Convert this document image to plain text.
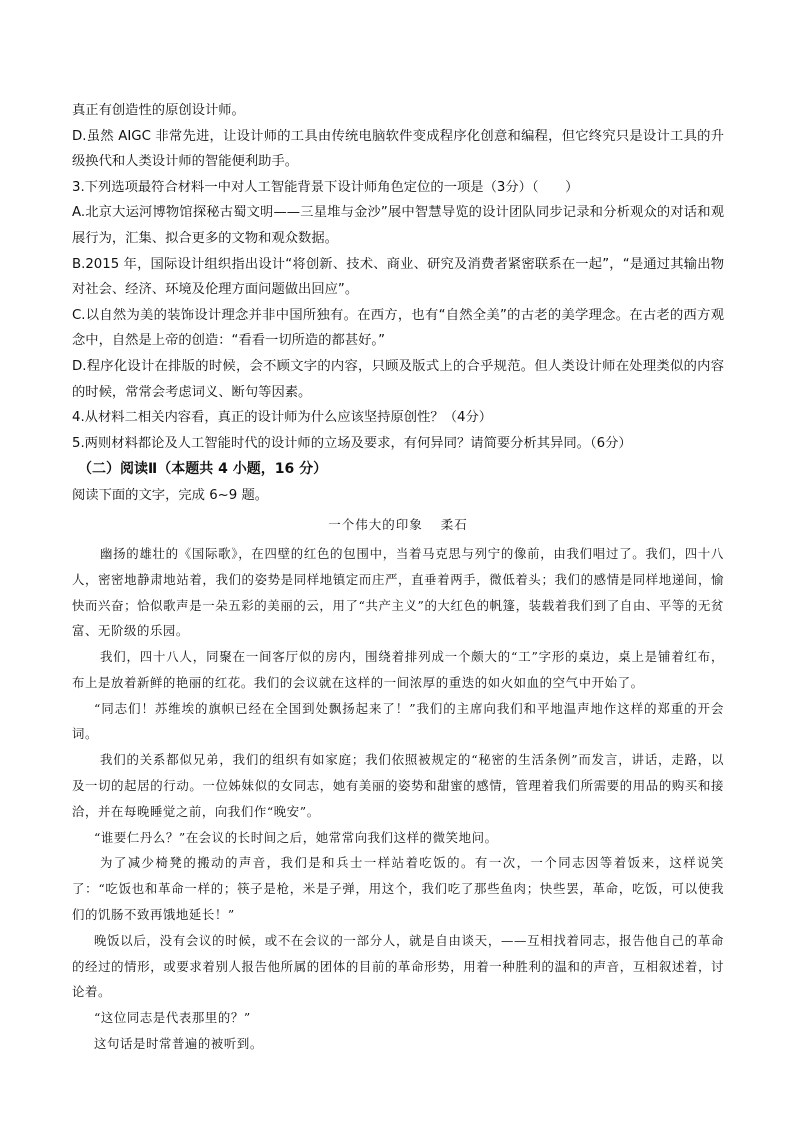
真正有创造性的原创设计师。

D.虽然 AIGC 非常先进，让设计师的工具由传统电脑软件变成程序化创意和编程，但它终究只是设计工具的升级换代和人类设计师的智能便利助手。

3.下列选项最符合材料一中对人工智能背景下设计师角色定位的一项是（3分）（　　）

A.北京大运河博物馆探秘古蜀文明——三星堆与金沙”展中智慧导览的设计团队同步记录和分析观众的对话和观展行为，汇集、拟合更多的文物和观众数据。

B.2015 年，国际设计组织指出设计“将创新、技术、商业、研究及消费者紧密联系在一起”，“是通过其输出物对社会、经济、环境及伦理方面问题做出回应”。

C.以自然为美的装饰设计理念并非中国所独有。在西方，也有“自然全美”的古老的美学理念。在古老的西方观念中，自然是上帝的创造：“看看一切所造的都甚好。”

D.程序化设计在排版的时候，会不顾文字的内容，只顾及版式上的合乎规范。但人类设计师在处理类似的内容的时候，常常会考虑词义、断句等因素。

4.从材料二相关内容看，真正的设计师为什么应该坚持原创性？（4分）

5.两则材料都论及人工智能时代的设计师的立场及要求，有何异同？请简要分析其异同。（6分）

（二）阅读Ⅱ（本题共 4 小题，16 分）

阅读下面的文字，完成 6~9 题。

一个伟大的印象 柔石

幽扬的雄壮的《国际歌》，在四壁的红色的包围中，当着马克思与列宁的像前，由我们唱过了。我们，四十八人，密密地静肃地站着，我们的姿势是同样地镇定而庄严，直垂着两手，微低着头；我们的感情是同样地递间，愉快而兴奋；恰似歌声是一朵五彩的美丽的云，用了“共产主义”的大红色的帆篷，装载着我们到了自由、平等的无贫富、无阶级的乐园。

我们，四十八人，同聚在一间客厅似的房内，围绕着排列成一个颇大的“工”字形的桌边，桌上是铺着红布，布上是放着新鲜的艳丽的红花。我们的会议就在这样的一间浓厚的重迭的如火如血的空气中开始了。

“同志们！苏维埃的旗帜已经在全国到处飘扬起来了！”我们的主席向我们和平地温声地作这样的郑重的开会词。

我们的关系都似兄弟，我们的组织有如家庭；我们依照被规定的“秘密的生活条例”而发言，讲话，走路，以及一切的起居的行动。一位姊妹似的女同志，她有美丽的姿势和甜蜜的感情，管理着我们所需要的用品的购买和接洽，并在每晚睡觉之前，向我们作“晚安”。

“谁要仁丹么？”在会议的长时间之后，她常常向我们这样的微笑地问。

为了减少椅凳的搬动的声音，我们是和兵士一样站着吃饭的。有一次，一个同志因等着饭来，这样说笑了：“吃饭也和革命一样的；筷子是枪，米是子弹，用这个，我们吃了那些鱼肉；快些罢，革命，吃饭，可以使我们的饥肠不致再饿地延长！”

晚饭以后，没有会议的时候，或不在会议的一部分人，就是自由谈天，——互相找着同志，报告他自己的革命的经过的情形，或要求着别人报告他所属的团体的目前的革命形势，用着一种胜利的温和的声音，互相叙述着，讨论着。

“这位同志是代表那里的？”

这句话是时常普遍的被听到。
